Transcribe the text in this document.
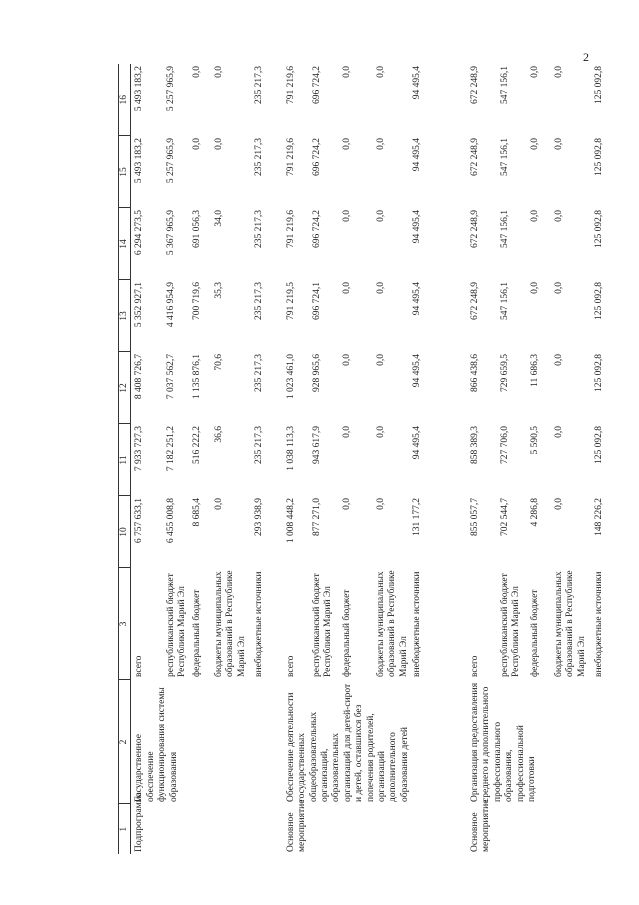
2
1	2	3	10	11	12	13	14	15	16
Подпрограмма	Государственное обеспечение функционирования системы образования	всего	6 757 633,1	7 933 727,3	8 408 726,7	5 352 927,1	6 294 273,5	5 493 183,2	5 493 183,2
		республиканский бюджет Республики Марий Эл	6 455 008,8	7 182 251,2	7 037 562,7	4 416 954,9	5 367 965,9	5 257 965,9	5 257 965,9
		федеральный бюджет	8 685,4	516 222,2	1 135 876,1	700 719,6	691 056,3	0,0	0,0
		бюджеты муниципальных образований в Республике Марий Эл	0,0	36,6	70,6	35,3	34,0	0,0	0,0
		внебюджетные источники	293 938,9	235 217,3	235 217,3	235 217,3	235 217,3	235 217,3	235 217,3
Основное мероприятие	Обеспечение деятельности государственных общеобразовательных организаций, образовательных организаций для детей-сирот и детей, оставшихся без попечения родителей, организаций дополнительного образования детей	всего	1 008 448,2	1 038 113,3	1 023 461,0	791 219,5	791 219,6	791 219,6	791 219,6
		республиканский бюджет Республики Марий Эл	877 271,0	943 617,9	928 965,6	696 724,1	696 724,2	696 724,2	696 724,2
		федеральный бюджет	0,0	0,0	0,0	0,0	0,0	0,0	0,0
		бюджеты муниципальных образований в Республике Марий Эл	0,0	0,0	0,0	0,0	0,0	0,0	0,0
		внебюджетные источники	131 177,2	94 495,4	94 495,4	94 495,4	94 495,4	94 495,4	94 495,4
Основное мероприятие	Организация предоставления среднего и дополнительного профессионального образования, профессиональной подготовки	всего	855 057,7	858 389,3	866 438,6	672 248,9	672 248,9	672 248,9	672 248,9
		республиканский бюджет Республики Марий Эл	702 544,7	727 706,0	729 659,5	547 156,1	547 156,1	547 156,1	547 156,1
		федеральный бюджет	4 286,8	5 590,5	11 686,3	0,0	0,0	0,0	0,0
		бюджеты муниципальных образований в Республике Марий Эл	0,0	0,0	0,0	0,0	0,0	0,0	0,0
		внебюджетные источники	148 226,2	125 092,8	125 092,8	125 092,8	125 092,8	125 092,8	125 092,8
